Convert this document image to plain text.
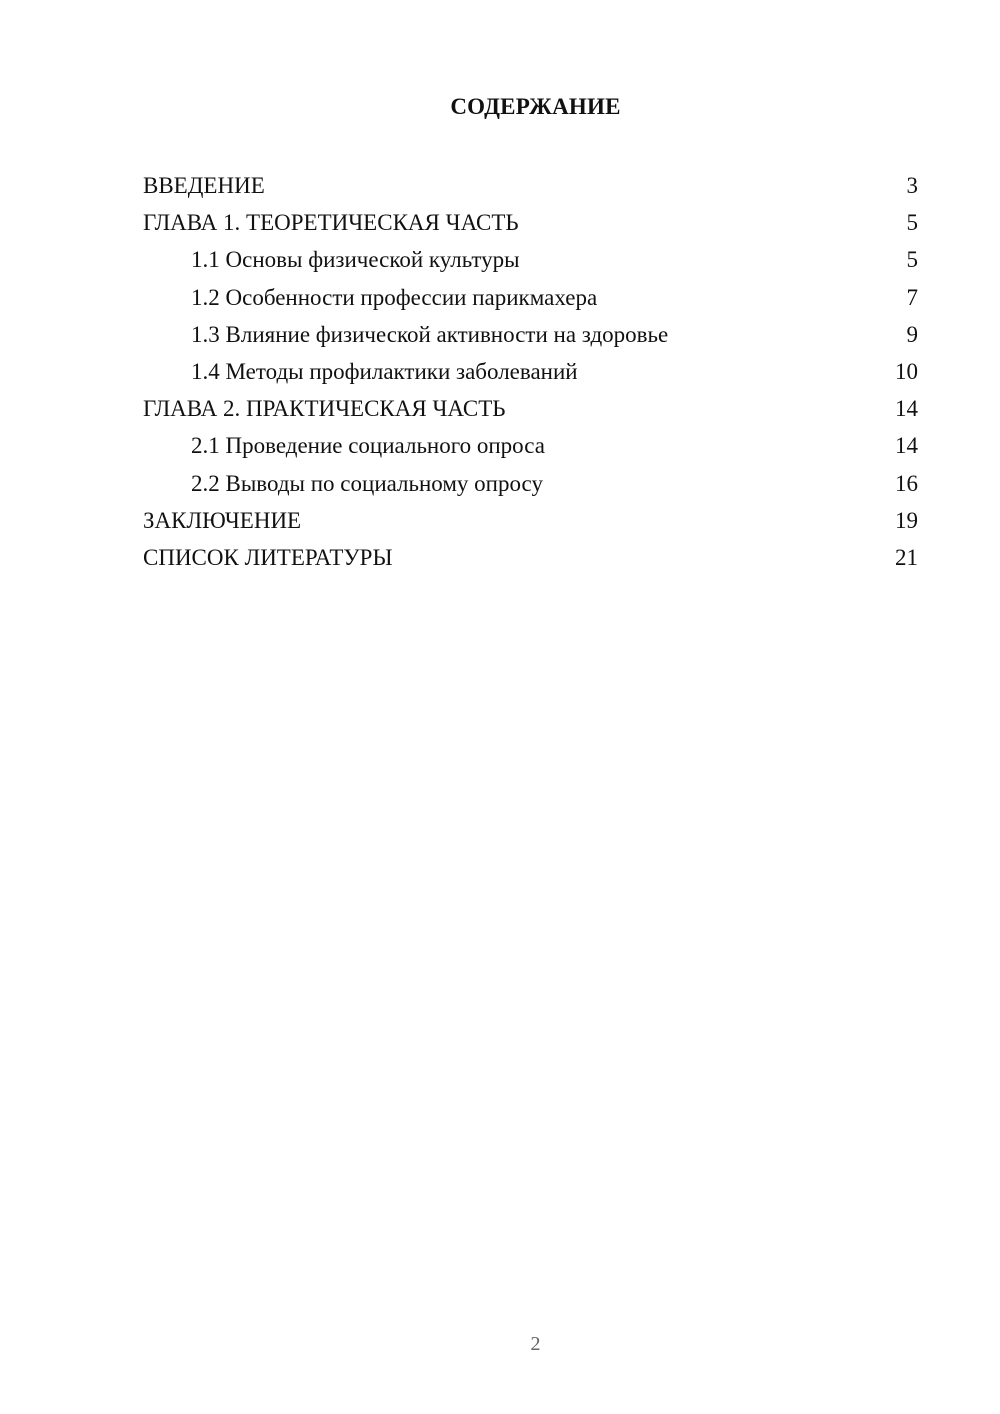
СОДЕРЖАНИЕ
ВВЕДЕНИЕ	3
ГЛАВА 1. ТЕОРЕТИЧЕСКАЯ ЧАСТЬ	5
1.1 Основы физической культуры	5
1.2 Особенности профессии парикмахера	7
1.3 Влияние физической активности на здоровье	9
1.4 Методы профилактики заболеваний	10
ГЛАВА 2. ПРАКТИЧЕСКАЯ ЧАСТЬ	14
2.1 Проведение социального опроса	14
2.2 Выводы по социальному опросу	16
ЗАКЛЮЧЕНИЕ	19
СПИСОК ЛИТЕРАТУРЫ	21
2
